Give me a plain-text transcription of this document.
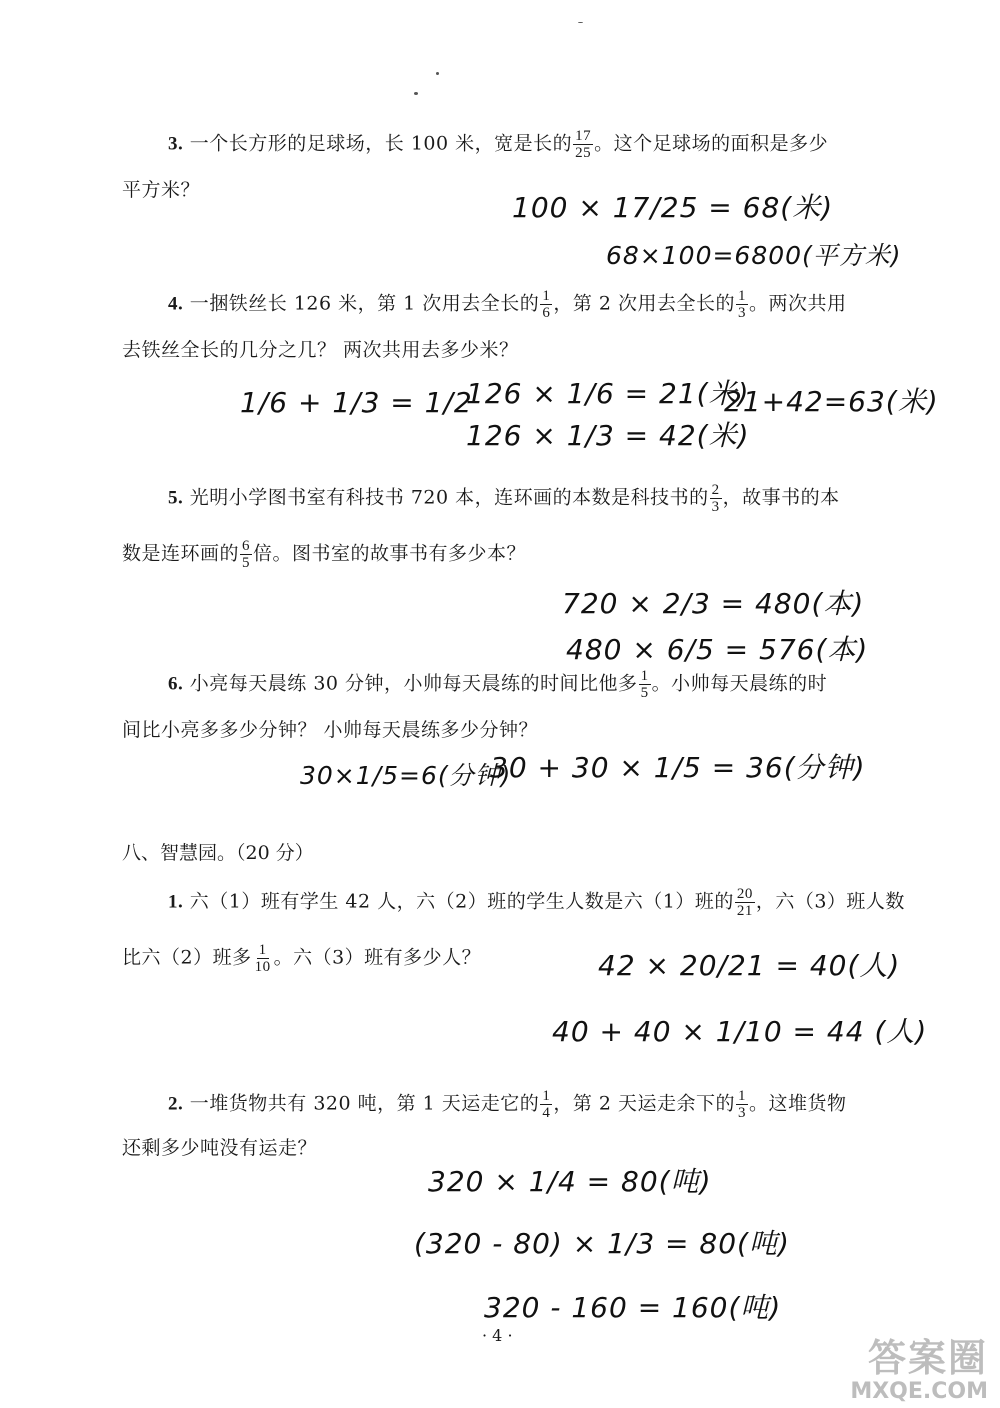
3. 一个长方形的足球场，长 100 米，宽是长的 $\frac{17}{25}$ 。这个足球场的面积是多少
平方米？
100 × 17/25 = 68(米)
68×100=6800(平方米)
4. 一捆铁丝长 126 米，第 1 次用去全长的 $\frac{1}{6}$ ，第 2 次用去全长的 $\frac{1}{3}$ 。两次共用
去铁丝全长的几分之几？ 两次共用去多少米？
1/6 + 1/3 = 1/2
126 × 1/6 = 21(米)
126 × 1/3 = 42(米)
21+42=63(米)
5. 光明小学图书室有科技书 720 本，连环画的本数是科技书的 $\frac{2}{3}$ ，故事书的本
数是连环画的 $\frac{6}{5}$ 倍。图书室的故事书有多少本？
720 × 2/3 = 480(本)
480 × 6/5 = 576(本)
6. 小亮每天晨练 30 分钟，小帅每天晨练的时间比他多 $\frac{1}{5}$ 。小帅每天晨练的时
间比小亮多多少分钟？ 小帅每天晨练多少分钟？
30×1/5=6(分钟)
30 + 30 × 1/5 = 36(分钟)
八、智慧园。（20 分）
1. 六（1）班有学生 42 人，六（2）班的学生人数是六（1）班的 $\frac{20}{21}$ ，六（3）班人数
比六（2）班多 $\frac{1}{10}$ 。六（3）班有多少人？	42 × 20/21 = 40(人)
40 + 40 × 1/10 = 44 (人)
2. 一堆货物共有 320 吨，第 1 天运走它的 $\frac{1}{4}$ ，第 2 天运走余下的 $\frac{1}{3}$ 。这堆货物
还剩多少吨没有运走？
320 × 1/4 = 80(吨)
(320 - 80) × 1/3 = 80(吨)
320 - 160 = 160(吨)
· 4 ·
答案圈
MXQE.COM
